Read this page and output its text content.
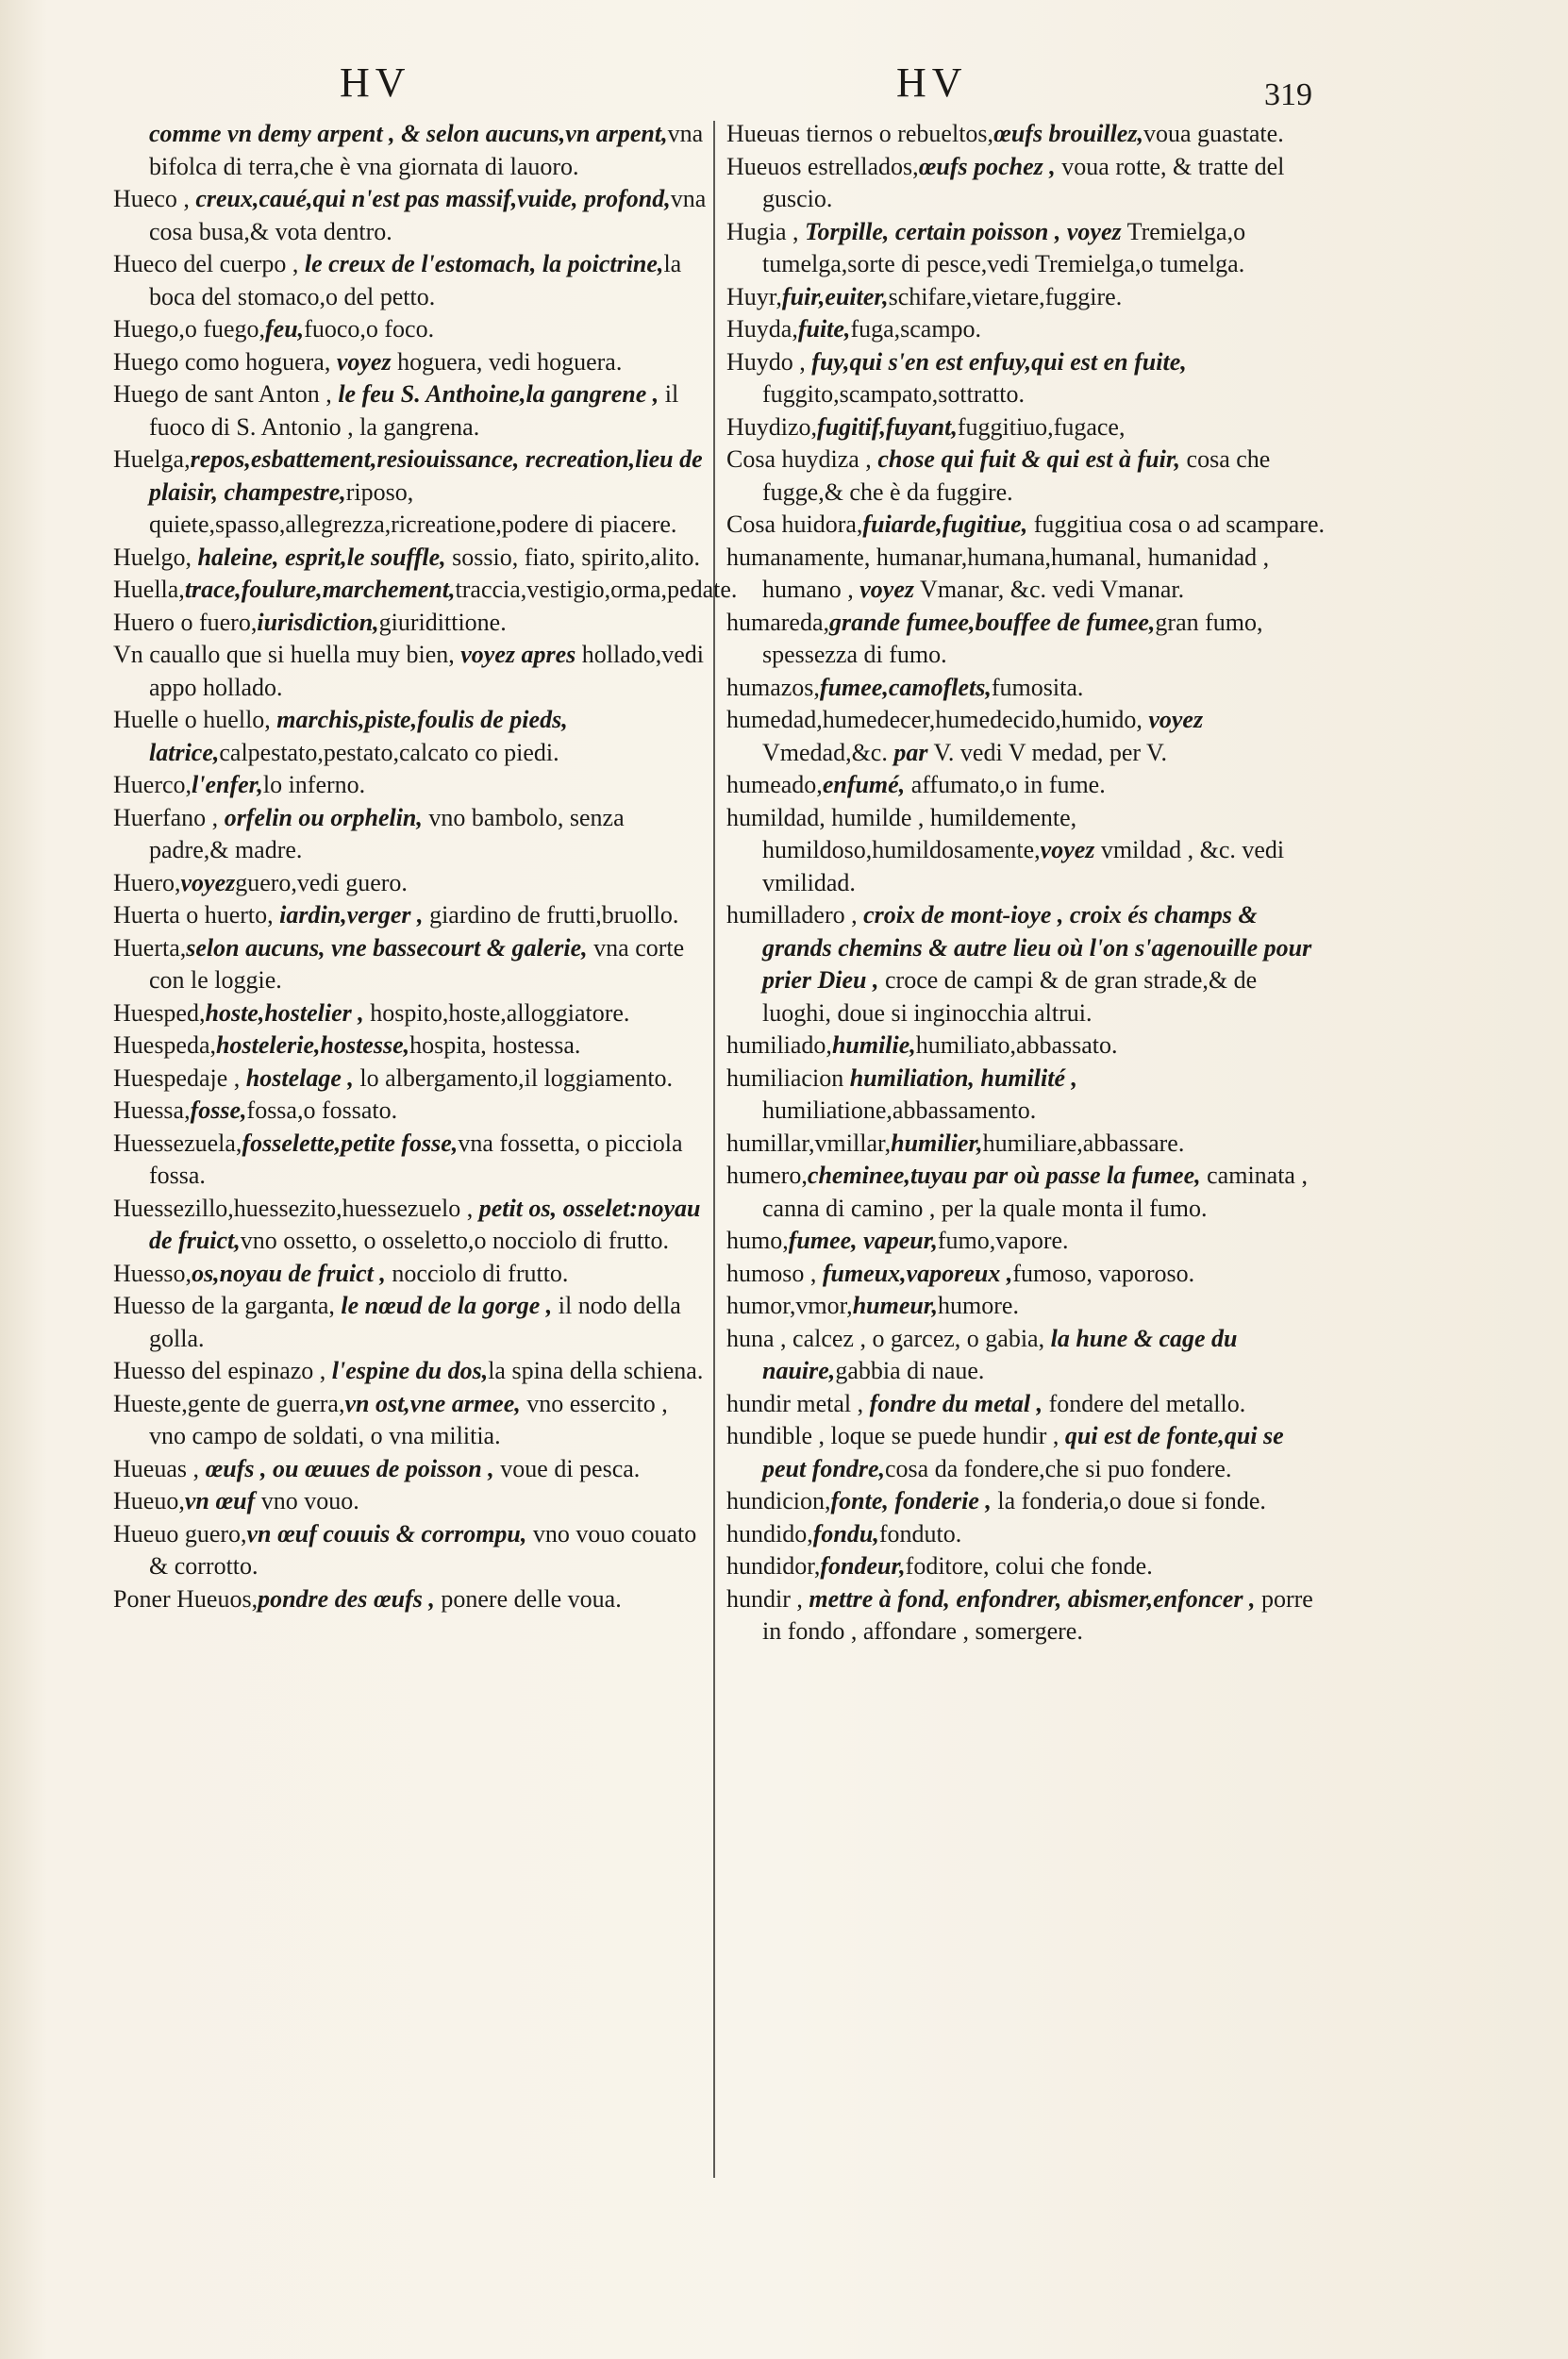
HV	HV	319

comme vn demy arpent , & selon aucuns,vn arpent,vna bifolca di terra,che è vna giornata di lauoro.

Hueco , creux,caué,qui n'est pas massif,vuide, profond,vna cosa busa,& vota dentro.

Hueco del cuerpo , le creux de l'estomach, la poictrine,la boca del stomaco,o del petto.

Huego,o fuego,feu,fuoco,o foco.

Huego como hoguera, voyez hoguera, vedi hoguera.

Huego de sant Anton , le feu S. Anthoine,la gangrene , il fuoco di S. Antonio , la gangrena.

Huelga,repos,esbattement,resiouissance, recreation,lieu de plaisir, champestre,riposo, quiete,spasso,allegrezza,ricreatione,podere di piacere.

Huelgo, haleine, esprit,le souffle, sossio, fiato, spirito,alito.

Huella,trace,foulure,marchement,traccia,vestigio,orma,pedate.

Huero o fuero,iurisdiction,giuridittione.

Vn cauallo que si huella muy bien, voyez apres hollado,vedi appo hollado.

Huelle o huello, marchis,piste,foulis de pieds, latrice,calpestato,pestato,calcato co piedi.

Huerco,l'enfer,lo inferno.

Huerfano , orfelin ou orphelin, vno bambolo, senza padre,& madre.

Huero,voyezguero,vedi guero.

Huerta o huerto, iardin,verger , giardino de frutti,bruollo.

Huerta,selon aucuns, vne bassecourt & galerie, vna corte con le loggie.

Huesped,hoste,hostelier , hospito,hoste,alloggiatore.

Huespeda,hostelerie,hostesse,hospita, hostessa.

Huespedaje , hostelage , lo albergamento,il loggiamento.

Huessa,fosse,fossa,o fossato.

Huessezuela,fosselette,petite fosse,vna fossetta, o picciola fossa.

Huessezillo,huessezito,huessezuelo , petit os, osselet:noyau de fruict,vno ossetto, o osseletto,o nocciolo di frutto.

Huesso,os,noyau de fruict , nocciolo di frutto.

Huesso de la garganta, le nœud de la gorge , il nodo della golla.

Huesso del espinazo , l'espine du dos,la spina della schiena.

Hueste,gente de guerra,vn ost,vne armee, vno essercito , vno campo de soldati, o vna militia.

Hueuas , œufs , ou œuues de poisson , voue di pesca.

Hueuo,vn œuf vno vouo.

Hueuo guero,vn œuf couuis & corrompu, vno vouo couato & corrotto.

Poner Hueuos,pondre des œufs , ponere delle voua.

Hueuas tiernos o rebueltos,œufs brouillez,voua guastate.

Hueuos estrellados,œufs pochez , voua rotte, & tratte del guscio.

Hugia , Torpille, certain poisson , voyez Tremielga,o tumelga,sorte di pesce,vedi Tremielga,o tumelga.

Huyr,fuir,euiter,schifare,vietare,fuggire.

Huyda,fuite,fuga,scampo.

Huydo , fuy,qui s'en est enfuy,qui est en fuite, fuggito,scampato,sottratto.

Huydizo,fugitif,fuyant,fuggitiuo,fugace,

Cosa huydiza , chose qui fuit & qui est à fuir, cosa che fugge,& che è da fuggire.

Cosa huidora,fuiarde,fugitiue, fuggitiua cosa o ad scampare.

humanamente, humanar,humana,humanal, humanidad , humano , voyez Vmanar, &c. vedi Vmanar.

humareda,grande fumee,bouffee de fumee,gran fumo, spessezza di fumo.

humazos,fumee,camoflets,fumosita.

humedad,humedecer,humedecido,humido, voyez Vmedad,&c. par V. vedi V medad, per V.

humeado,enfumé, affumato,o in fume.

humildad, humilde , humildemente, humildoso,humildosamente,voyez vmildad , &c. vedi vmilidad.

humilladero , croix de mont-ioye , croix és champs & grands chemins & autre lieu où l'on s'agenouille pour prier Dieu , croce de campi & de gran strade,& de luoghi, doue si inginocchia altrui.

humiliado,humilie,humiliato,abbassato.

humiliacion humiliation, humilité , humiliatione,abbassamento.

humillar,vmillar,humilier,humiliare,abbassare.

humero,cheminee,tuyau par où passe la fumee, caminata , canna di camino , per la quale monta il fumo.

humo,fumee, vapeur,fumo,vapore.

humoso , fumeux,vaporeux ,fumoso, vaporoso.

humor,vmor,humeur,humore.

huna , calcez , o garcez, o gabia, la hune & cage du nauire,gabbia di naue.

hundir metal , fondre du metal , fondere del metallo.

hundible , loque se puede hundir , qui est de fonte,qui se peut fondre,cosa da fondere,che si puo fondere.

hundicion,fonte, fonderie , la fonderia,o doue si fonde.

hundido,fondu,fonduto.

hundidor,fondeur,foditore, colui che fonde.

hundir , mettre à fond, enfondrer, abismer,enfoncer , porre in fondo , affondare , somergere.
